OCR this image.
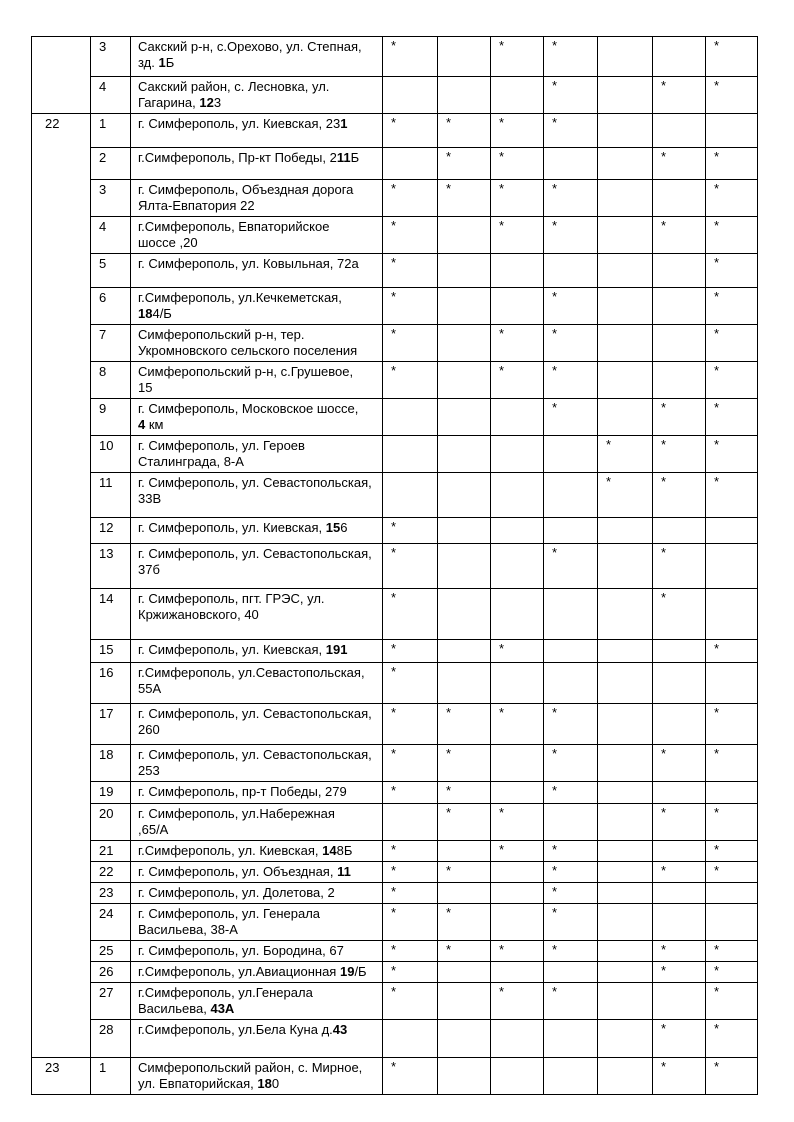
	3	Сакский р-н, с.Орехово, ул. Степная,
зд. 1Б	*		*	*			*
	4	Сакский район, с. Лесновка, ул.
Гагарина, 123				*		*	*
22	1	г. Симферополь, ул. Киевская, 231	*	*	*	*			
	2	г.Симферополь, Пр-кт Победы, 211Б		*	*			*	*
	3	г. Симферополь, Объездная дорога
Ялта-Евпатория 22	*	*	*	*			*
	4	г.Симферополь, Евпаторийское
шоссе ,20	*		*	*		*	*
	5	г. Симферополь, ул. Ковыльная, 72а	*						*
	6	г.Симферополь, ул.Кечкеметская,
184/Б	*			*			*
	7	Симферопольский р-н, тер.
Укромновского сельского поселения	*		*	*			*
	8	Симферопольский р-н, с.Грушевое,
15	*		*	*			*
	9	г. Симферополь, Московское шоссе,
4 км				*		*	*
	10	г. Симферополь, ул. Героев
Сталинграда, 8-А					*	*	*
	11	г. Симферополь, ул. Севастопольская,
33В					*	*	*
	12	г. Симферополь, ул. Киевская, 156	*						
	13	г. Симферополь, ул. Севастопольская,
37б	*			*		*	
	14	г. Симферополь, пгт. ГРЭС, ул.
Кржижановского, 40	*					*	
	15	г. Симферополь, ул. Киевская, 191	*		*				*
	16	г.Симферополь, ул.Севастопольская,
55А	*						
	17	г. Симферополь, ул. Севастопольская,
260	*	*	*	*			*
	18	г. Симферополь, ул. Севастопольская,
253	*	*		*		*	*
	19	г. Симферополь, пр-т Победы, 279	*	*		*			
	20	г. Симферополь, ул.Набережная
,65/А		*	*			*	*
	21	г.Симферополь, ул. Киевская, 148Б	*		*	*			*
	22	г. Симферополь, ул. Объездная, 11	*	*		*		*	*
	23	г. Симферополь, ул. Долетова, 2	*			*			
	24	г. Симферополь, ул. Генерала
Васильева, 38-А	*	*		*			
	25	г. Симферополь, ул. Бородина, 67	*	*	*	*		*	*
	26	г.Симферополь, ул.Авиационная 19/Б	*					*	*
	27	г.Симферополь, ул.Генерала
Васильева, 43А	*		*	*			*
	28	г.Симферополь, ул.Бела Куна д.43						*	*
23	1	Симферопольский район, с. Мирное,
ул. Евпаторийская, 180	*					*	*
